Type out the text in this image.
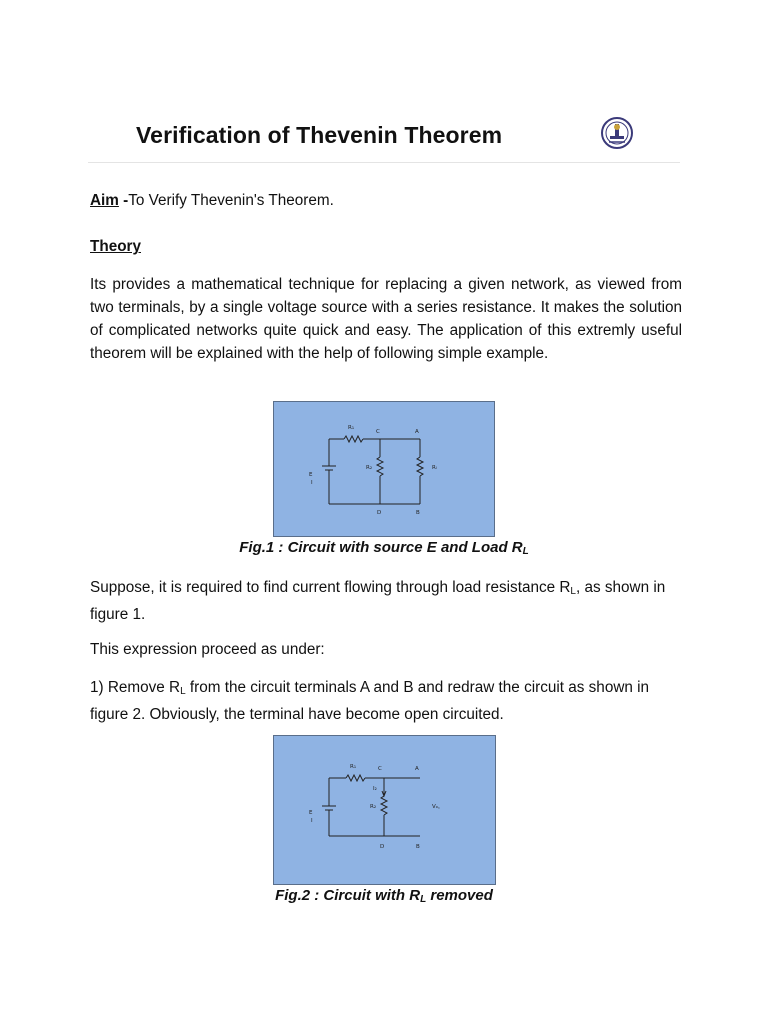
Verification of Thevenin Theorem
Aim -To Verify Thevenin's Theorem.
Theory
Its provides a mathematical technique for replacing a given network, as viewed from two terminals, by a single voltage source with a series resistance. It makes the solution of complicated networks quite quick and easy. The application of this extremly useful theorem will be explained with the help of following simple example.
R₁
C	A
R₂	Rₗ
E
I
D	B
Fig.1 : Circuit with source E and Load $R_L$
Suppose, it is required to find current flowing through load resistance $R_L$, as shown in figure 1.
This expression proceed as under:
1) Remove $R_L$ from the circuit terminals A and B and redraw the circuit as shown in figure 2. Obviously, the terminal have become open circuited.
R₁	C	A
I₂
R₂	Vₒ꜀
E
I
D	B
Fig.2 : Circuit with $R_L$ removed
